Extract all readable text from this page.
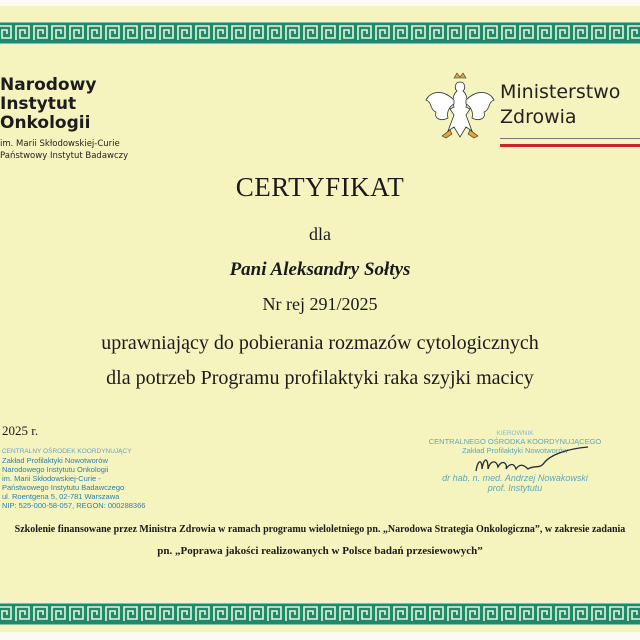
Narodowy
Instytut
Onkologii
im. Marii Skłodowskiej-Curie
Państwowy Instytut Badawczy
Ministerstwo
Zdrowia
CERTYFIKAT
dla
Pani Aleksandry Sołtys
Nr rej 291/2025
uprawniający do pobierania rozmazów cytologicznych
dla potrzeb Programu profilaktyki raka szyjki macicy
2025 r.
CENTRALNY OŚRODEK KOORDYNUJĄCY
Zakład Profilaktyki Nowotworów
Narodowego Instytutu Onkologii
im. Marii Skłodowskiej-Curie -
Państwowego Instytutu Badawczego
ul. Roentgena 5, 02-781 Warszawa
NIP: 525-000-58-057, REGON: 000288366
KIEROWNIK
CENTRALNEGO OŚRODKA KOORDYNUJĄCEGO
Zakład Profilaktyki Nowotworów
dr hab. n. med. Andrzej Nowakowski
prof. Instytutu
Szkolenie finansowane przez Ministra Zdrowia w ramach programu wieloletniego pn. „Narodowa Strategia Onkologiczna”, w zakresie zadania
pn. „Poprawa jakości realizowanych w Polsce badań przesiewowych”
